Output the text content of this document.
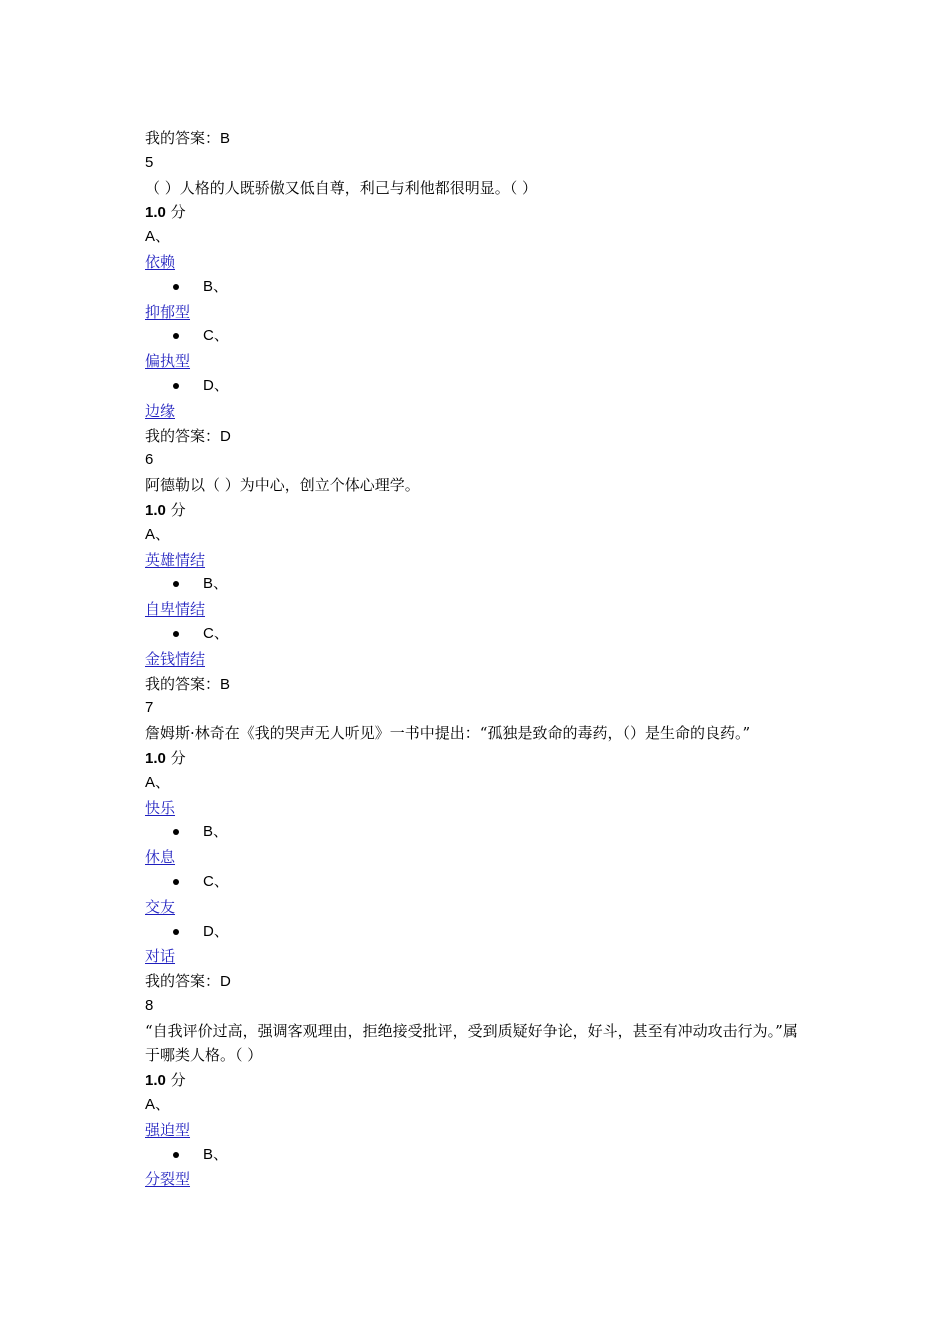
我的答案：B
5
（ ）人格的人既骄傲又低自尊，利己与利他都很明显。（ ）
1.0 分
A、
依赖
B、
抑郁型
C、
偏执型
D、
边缘
我的答案：D
6
阿德勒以（ ）为中心，创立个体心理学。
1.0 分
A、
英雄情结
B、
自卑情结
C、
金钱情结
我的答案：B
7
詹姆斯·林奇在《我的哭声无人听见》一书中提出：“孤独是致命的毒药，（）是生命的良药。”
1.0 分
A、
快乐
B、
休息
C、
交友
D、
对话
我的答案：D
8
“自我评价过高，强调客观理由，拒绝接受批评，受到质疑好争论，好斗，甚至有冲动攻击行为。”属于哪类人格。（ ）
1.0 分
A、
强迫型
B、
分裂型
